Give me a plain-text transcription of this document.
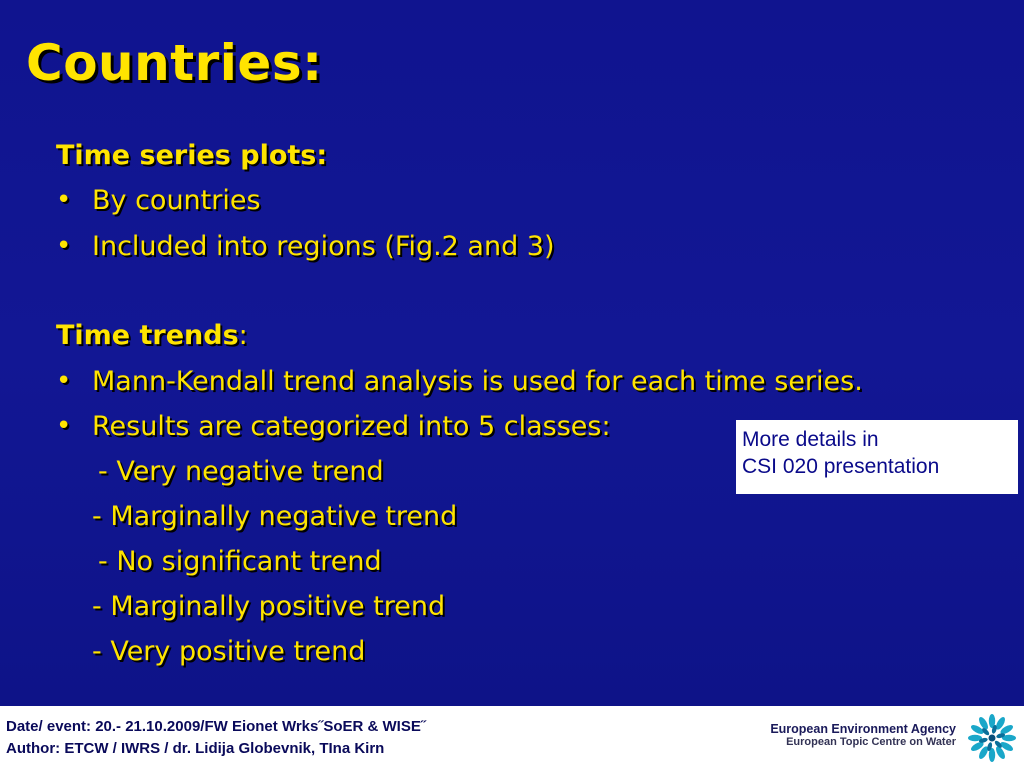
Countries:
Time series plots:
• By countries
• Included into regions (Fig.2 and 3)
Time trends:
• Mann-Kendall trend analysis is used for each time series.
• Results are categorized into 5 classes:
- Very negative trend
- Marginally negative trend
- No significant trend
- Marginally positive trend
- Very positive trend
More details in
CSI 020 presentation
Date/ event: 20.- 21.10.2009/FW Eionet Wrks˝SoER & WISE˝
Author: ETCW / IWRS / dr. Lidija Globevnik, TIna Kirn
European Environment Agency
European Topic Centre on Water
